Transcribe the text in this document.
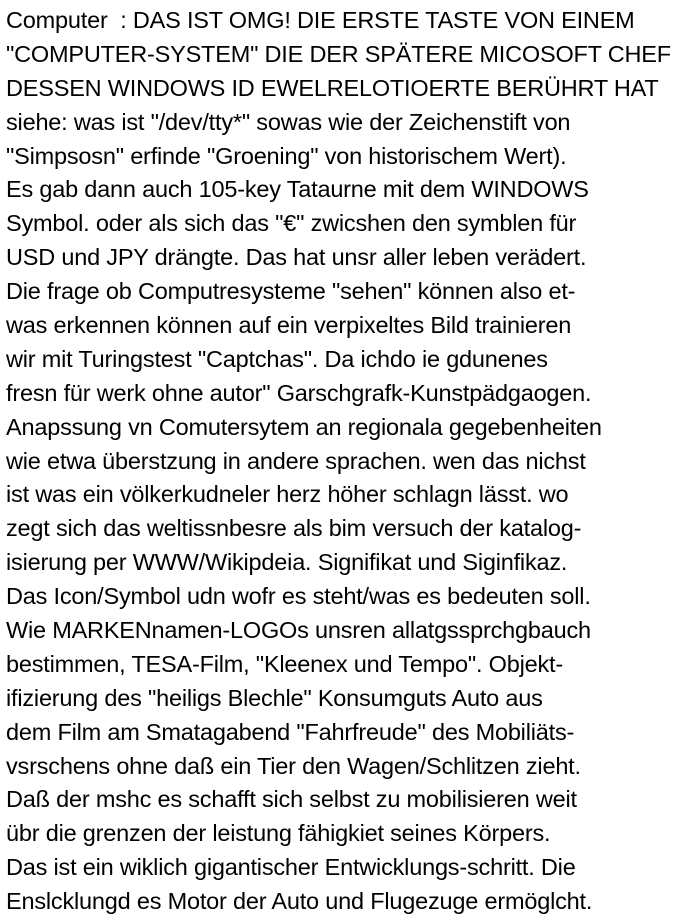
Computer  : DAS IST OMG! DIE ERSTE TASTE VON EINEM
"COMPUTER-SYSTEM" DIE DER SPÄTERE MICOSOFT CHEF
DESSEN WINDOWS ID EWELRELOTIOERTE BERÜHRT HAT
siehe: was ist "/dev/tty*" sowas wie der Zeichenstift von
"Simpsosn" erfinde "Groening" von historischem Wert).
Es gab dann auch 105-key Tataurne mit dem WINDOWS
Symbol. oder als sich das "€" zwicshen den symblen für
USD und JPY drängte. Das hat unsr aller leben verädert.
Die frage ob Computresysteme "sehen" können also et-
was erkennen können auf ein verpixeltes Bild trainieren
wir mit Turingstest "Captchas". Da ichdo ie gdunenes
fresn für werk ohne autor" Garschgrafk-Kunstpädgaogen.
Anapssung vn Comutersytem an regionala gegebenheiten
wie etwa überstzung in andere sprachen. wen das nichst
ist was ein völkerkudneler herz höher schlagn lässt. wo
zegt sich das weltissnbesre als bim versuch der katalog-
isierung per WWW/Wikipdeia. Signifikat und Siginfikaz.
Das Icon/Symbol udn wofr es steht/was es bedeuten soll.
Wie MARKENnamen-LOGOs unsren allatgssprchgbauch
bestimmen, TESA-Film, "Kleenex und Tempo". Objekt-
ifizierung des "heiligs Blechle" Konsumguts Auto aus
dem Film am Smatagabend "Fahrfreude" des Mobiliäts-
vsrschens ohne daß ein Tier den Wagen/Schlitzen zieht.
Daß der mshc es schafft sich selbst zu mobilisieren weit
übr die grenzen der leistung fähigkiet seines Körpers.
Das ist ein wiklich gigantischer Entwicklungs-schritt. Die
Enslcklungd es Motor der Auto und Flugezuge ermöglcht.
